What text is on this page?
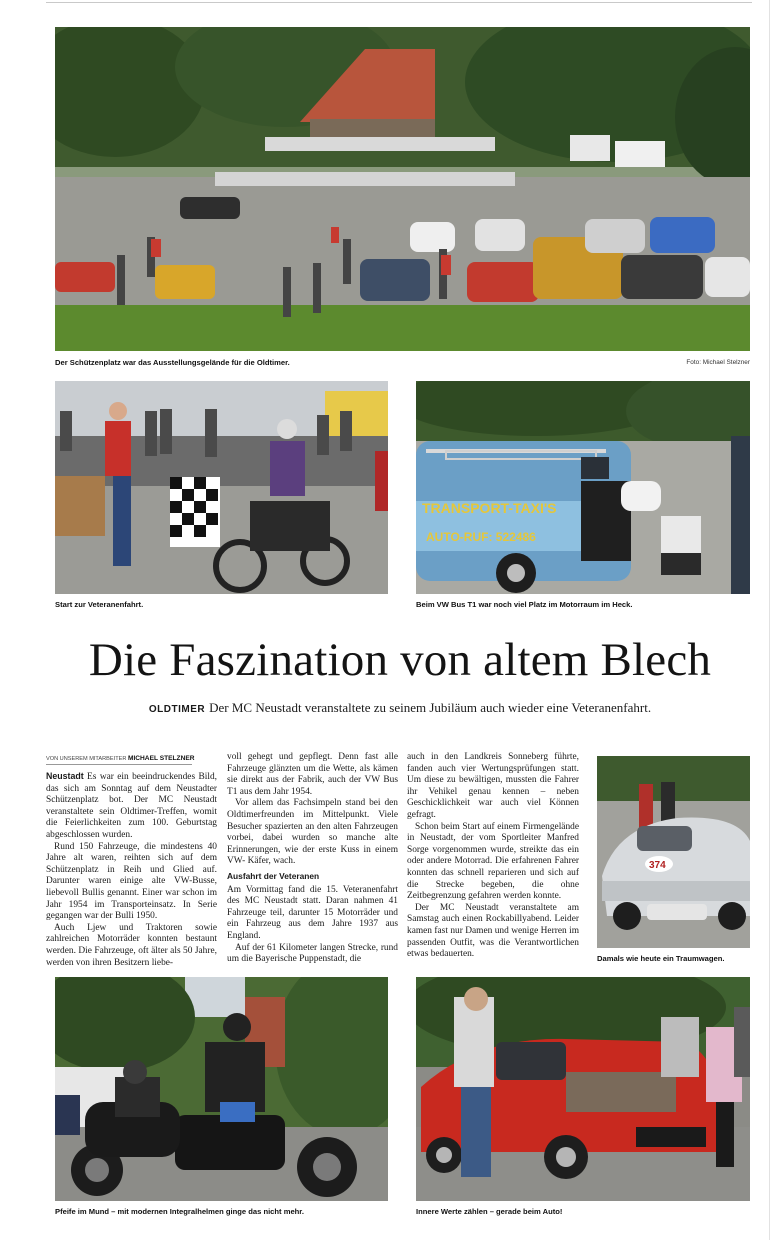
Der Schützenplatz war das Ausstellungsgelände für die Oldtimer.	Foto: Michael Stelzner
Start zur Veteranenfahrt.
TRANSPORT-TAXI'S
AUTO-RUF: 522486
Beim VW Bus T1 war noch viel Platz im Motorraum im Heck.
Die Faszination von altem Blech
OLDTIMER Der MC Neustadt veranstaltete zu seinem Jubiläum auch wieder eine Veteranenfahrt.
VON UNSEREM MITARBEITER MICHAEL STELZNER

Neustadt Es war ein beeindruckendes Bild, das sich am Sonntag auf dem Neustadter Schützenplatz bot. Der MC Neustadt veranstaltete sein Oldtimer-Treffen, womit die Feierlichkeiten zum 100. Geburtstag abgeschlossen wurden.

Rund 150 Fahrzeuge, die mindestens 40 Jahre alt waren, reihten sich auf dem Schützenplatz in Reih und Glied auf. Darunter waren einige alte VW-Busse, liebevoll Bullis genannt. Einer war schon im Jahr 1954 im Transporteinsatz. In Serie gegangen war der Bulli 1950.

Auch Ljew und Traktoren sowie zahlreichen Motorräder konnten bestaunt werden. Die Fahrzeuge, oft älter als 50 Jahre, werden von ihren Besitzern liebe-

voll gehegt und gepflegt. Denn fast alle Fahrzeuge glänzten um die Wette, als kämen sie direkt aus der Fabrik, auch der VW Bus T1 aus dem Jahr 1954.

Vor allem das Fachsimpeln stand bei den Oldtimerfreunden im Mittelpunkt. Viele Besucher spazierten an den alten Fahrzeugen vorbei, dabei wurden so manche alte Erinnerungen, wie der erste Kuss in einem VW- Käfer, wach.

Ausfahrt der Veteranen

Am Vormittag fand die 15. Veteranenfahrt des MC Neustadt statt. Daran nahmen 41 Fahrzeuge teil, darunter 15 Motorräder und ein Fahrzeug aus dem Jahre 1937 aus England.

Auf der 61 Kilometer langen Strecke, rund um die Bayerische Puppenstadt, die

auch in den Landkreis Sonneberg führte, fanden auch vier Wertungsprüfungen statt. Um diese zu bewältigen, mussten die Fahrer ihr Vehikel genau kennen – neben Geschicklichkeit war auch viel Können gefragt.

Schon beim Start auf einem Firmengelände in Neustadt, der vom Sportleiter Manfred Sorge vorgenommen wurde, streikte das ein oder andere Motorrad. Die erfahrenen Fahrer konnten das schnell reparieren und sich auf die Strecke begeben, die ohne Zeitbegrenzung gefahren werden konnte.

Der MC Neustadt veranstaltete am Samstag auch einen Rockabillyabend. Leider kamen fast nur Damen und wenige Herren im passenden Outfit, was die Verantwortlichen etwas bedauerten.

374
Damals wie heute ein Traumwagen.
Pfeife im Mund – mit modernen Integralhelmen ginge das nicht mehr.	Innere Werte zählen – gerade beim Auto!
